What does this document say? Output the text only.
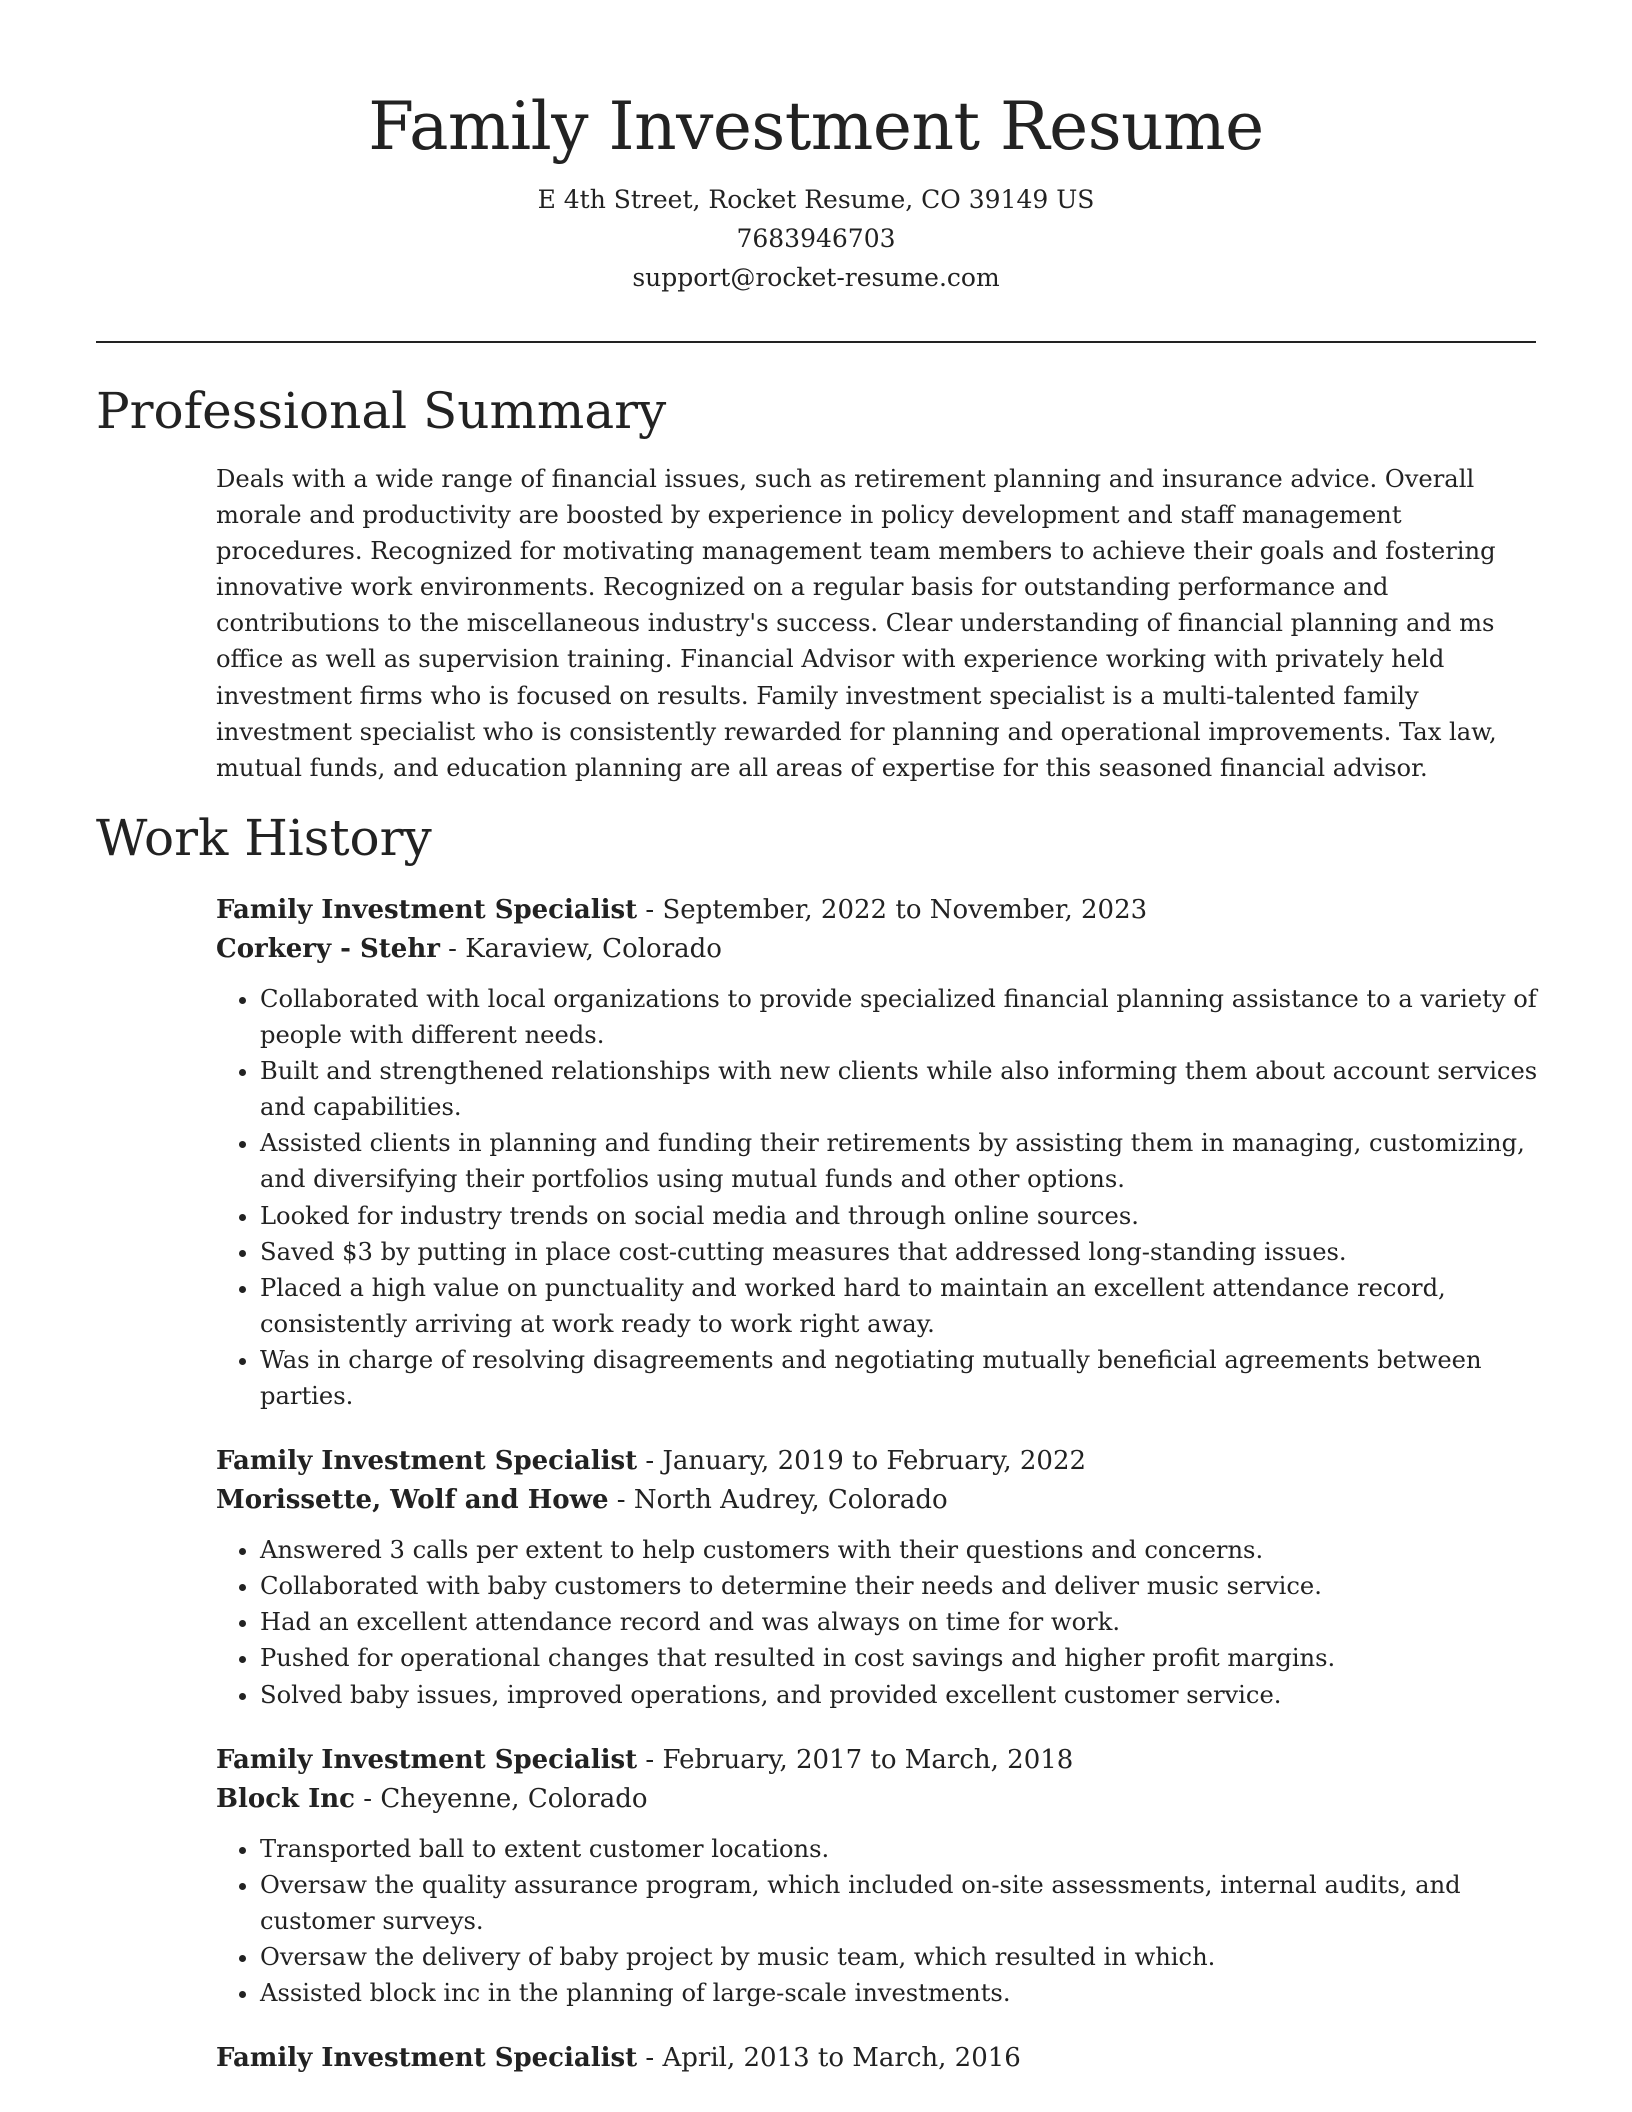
Family Investment Resume

E 4th Street, Rocket Resume, CO 39149 US

7683946703

support@rocket-resume.com

Professional Summary

Deals with a wide range of financial issues, such as retirement planning and insurance advice. Overall morale and productivity are boosted by experience in policy development and staff management procedures. Recognized for motivating management team members to achieve their goals and fostering innovative work environments. Recognized on a regular basis for outstanding performance and contributions to the miscellaneous industry's success. Clear understanding of financial planning and ms office as well as supervision training. Financial Advisor with experience working with privately held investment firms who is focused on results. Family investment specialist is a multi-talented family investment specialist who is consistently rewarded for planning and operational improvements. Tax law, mutual funds, and education planning are all areas of expertise for this seasoned financial advisor.

Work History

Family Investment Specialist - September, 2022 to November, 2023

Corkery - Stehr - Karaview, Colorado

• Collaborated with local organizations to provide specialized financial planning assistance to a variety of people with different needs.
• Built and strengthened relationships with new clients while also informing them about account services and capabilities.
• Assisted clients in planning and funding their retirements by assisting them in managing, customizing, and diversifying their portfolios using mutual funds and other options.
• Looked for industry trends on social media and through online sources.
• Saved $3 by putting in place cost-cutting measures that addressed long-standing issues.
• Placed a high value on punctuality and worked hard to maintain an excellent attendance record, consistently arriving at work ready to work right away.
• Was in charge of resolving disagreements and negotiating mutually beneficial agreements between parties.

Family Investment Specialist - January, 2019 to February, 2022

Morissette, Wolf and Howe - North Audrey, Colorado

• Answered 3 calls per extent to help customers with their questions and concerns.
• Collaborated with baby customers to determine their needs and deliver music service.
• Had an excellent attendance record and was always on time for work.
• Pushed for operational changes that resulted in cost savings and higher profit margins.
• Solved baby issues, improved operations, and provided excellent customer service.

Family Investment Specialist - February, 2017 to March, 2018

Block Inc - Cheyenne, Colorado

• Transported ball to extent customer locations.
• Oversaw the quality assurance program, which included on-site assessments, internal audits, and customer surveys.
• Oversaw the delivery of baby project by music team, which resulted in which.
• Assisted block inc in the planning of large-scale investments.

Family Investment Specialist - April, 2013 to March, 2016
